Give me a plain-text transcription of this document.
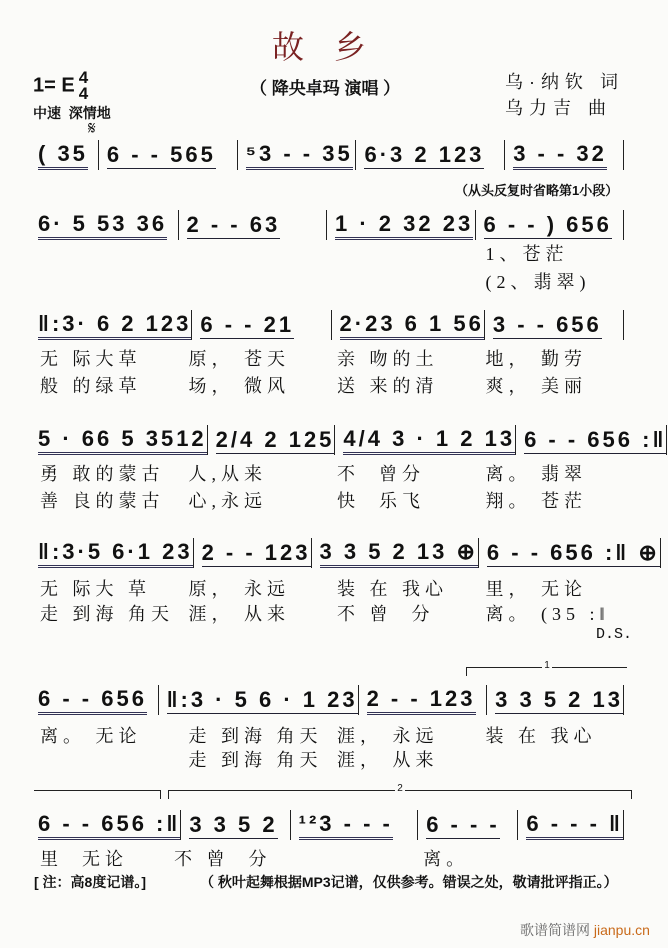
故乡
（ 降央卓玛 演唱 ）
1= E 4
4
中速  深情地
乌·纳钦 词
乌力吉 曲
𝄋
( 35 6 - - 565 ⁵3 - - 35 6·3 2 123 3 - - 32
6· 5 53 36 2 - - 63 1 · 2 32 23 6 - - ) 656
1、苍茫
(2、翡翠)
‖:3· 6 2 123 6 - - 21 2·23 6 1 56 3 - - 656
无 际大草	原， 苍天	亲 吻的土	地， 勤劳
般 的绿草	场， 微风	送 来的清	爽， 美丽
5 · 66 5 3512 2/4 2 125 4/4 3 · 1 2 13 6 - - 656 :‖
勇 敢的蒙古	人,从来	不  曾分	离。 翡翠
善 良的蒙古	心,永远	快  乐飞	翔。 苍茫
‖:3·5 6·1 23 2 - - 123 3 3 5 2 13 ⊕ 6 - - 656 :‖ ⊕
无 际大 草	原， 永远	装 在 我心	里， 无论
走 到海 角天 涯， 从来	不 曾  分	离。 (35 :‖
6 - - 656 ‖:3 · 5 6 · 1 23 2 - - 123 3 3 5 2 13
离。 无论	走 到海 角天 涯， 永远	装 在 我心
走 到海 角天 涯， 从来
6 - - 656 :‖ 3 3 5 2 ¹²3 - - - 6 - - - 6 - - - ‖
里  无论	不 曾  分	离。
（从头反复时省略第1小段）
D.S.
1
2
[ 注：高8度记谱。]	（ 秋叶起舞根据MP3记谱，仅供参考。错误之处，敬请批评指正。）
歌谱简谱网 jianpu.cn
